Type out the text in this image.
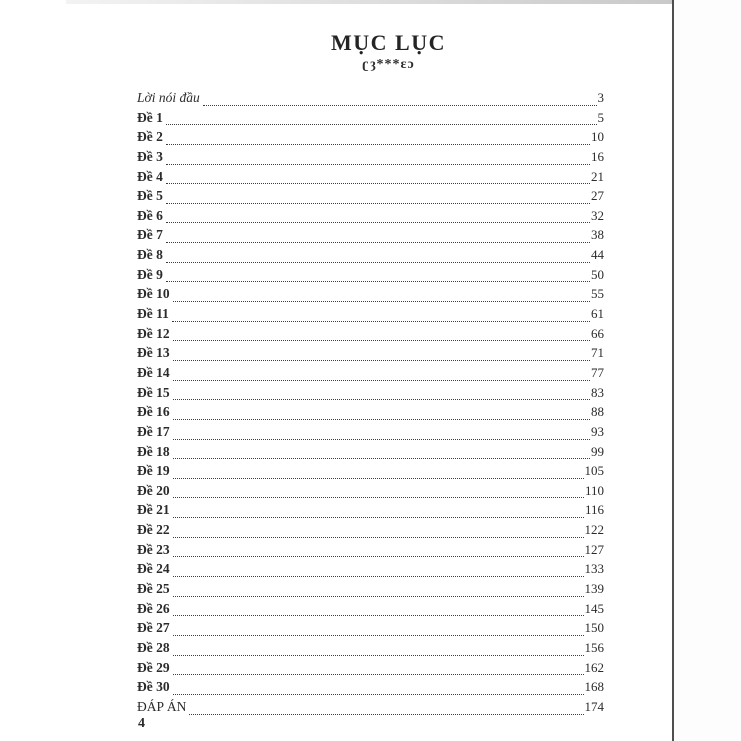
MỤC LỤC
ʗȝ***ɛɔ
Lời nói đầu	3
Đề 1	5
Đề 2	10
Đề 3	16
Đề 4	21
Đề 5	27
Đề 6	32
Đề 7	38
Đề 8	44
Đề 9	50
Đề 10	55
Đề 11	61
Đề 12	66
Đề 13	71
Đề 14	77
Đề 15	83
Đề 16	88
Đề 17	93
Đề 18	99
Đề 19	105
Đề 20	110
Đề 21	116
Đề 22	122
Đề 23	127
Đề 24	133
Đề 25	139
Đề 26	145
Đề 27	150
Đề 28	156
Đề 29	162
Đề 30	168
ĐÁP ÁN	174
4
